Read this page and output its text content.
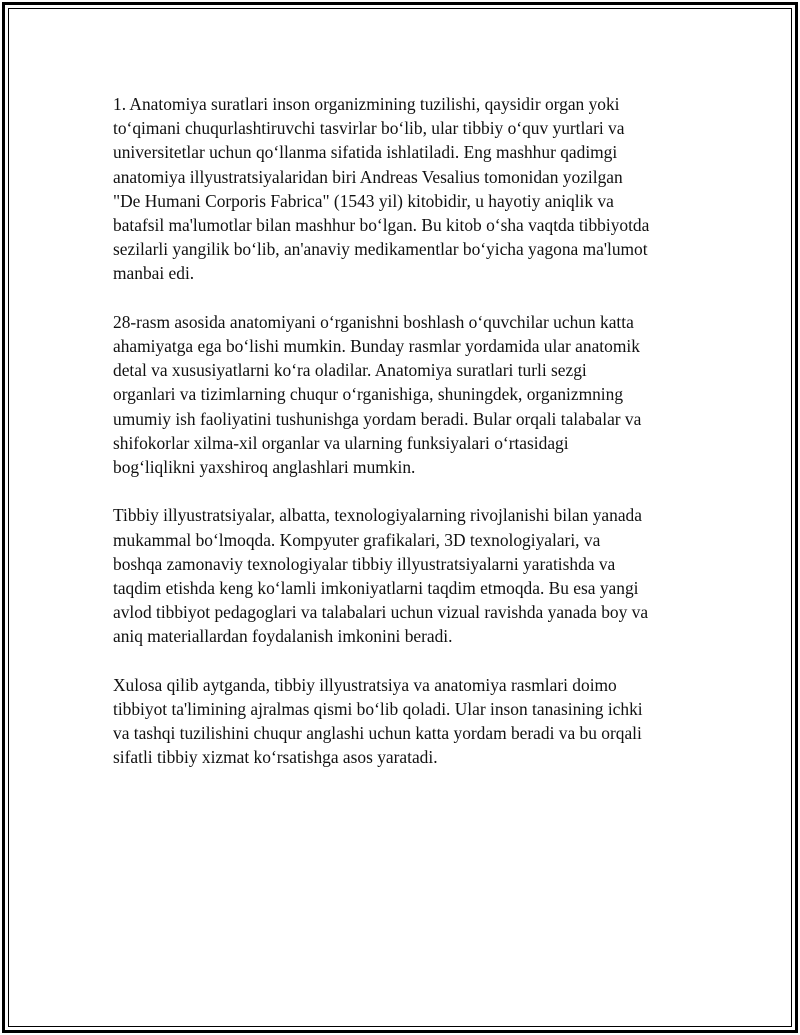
1. Anatomiya suratlari inson organizmining tuzilishi, qaysidir organ yoki
toʻqimani chuqurlashtiruvchi tasvirlar boʻlib, ular tibbiy oʻquv yurtlari va
universitetlar uchun qoʻllanma sifatida ishlatiladi. Eng mashhur qadimgi
anatomiya illyustratsiyalaridan biri Andreas Vesalius tomonidan yozilgan
"De Humani Corporis Fabrica" (1543 yil) kitobidir, u hayotiy aniqlik va
batafsil ma'lumotlar bilan mashhur boʻlgan. Bu kitob oʻsha vaqtda tibbiyotda
sezilarli yangilik boʻlib, an'anaviy medikamentlar boʻyicha yagona ma'lumot
manbai edi.

28-rasm asosida anatomiyani oʻrganishni boshlash oʻquvchilar uchun katta
ahamiyatga ega boʻlishi mumkin. Bunday rasmlar yordamida ular anatomik
detal va xususiyatlarni koʻra oladilar. Anatomiya suratlari turli sezgi
organlari va tizimlarning chuqur oʻrganishiga, shuningdek, organizmning
umumiy ish faoliyatini tushunishga yordam beradi. Bular orqali talabalar va
shifokorlar xilma-xil organlar va ularning funksiyalari oʻrtasidagi
bogʻliqlikni yaxshiroq anglashlari mumkin.

Tibbiy illyustratsiyalar, albatta, texnologiyalarning rivojlanishi bilan yanada
mukammal boʻlmoqda. Kompyuter grafikalari, 3D texnologiyalari, va
boshqa zamonaviy texnologiyalar tibbiy illyustratsiyalarni yaratishda va
taqdim etishda keng koʻlamli imkoniyatlarni taqdim etmoqda. Bu esa yangi
avlod tibbiyot pedagoglari va talabalari uchun vizual ravishda yanada boy va
aniq materiallardan foydalanish imkonini beradi.

Xulosa qilib aytganda, tibbiy illyustratsiya va anatomiya rasmlari doimo
tibbiyot ta'limining ajralmas qismi boʻlib qoladi. Ular inson tanasining ichki
va tashqi tuzilishini chuqur anglashi uchun katta yordam beradi va bu orqali
sifatli tibbiy xizmat koʻrsatishga asos yaratadi.
